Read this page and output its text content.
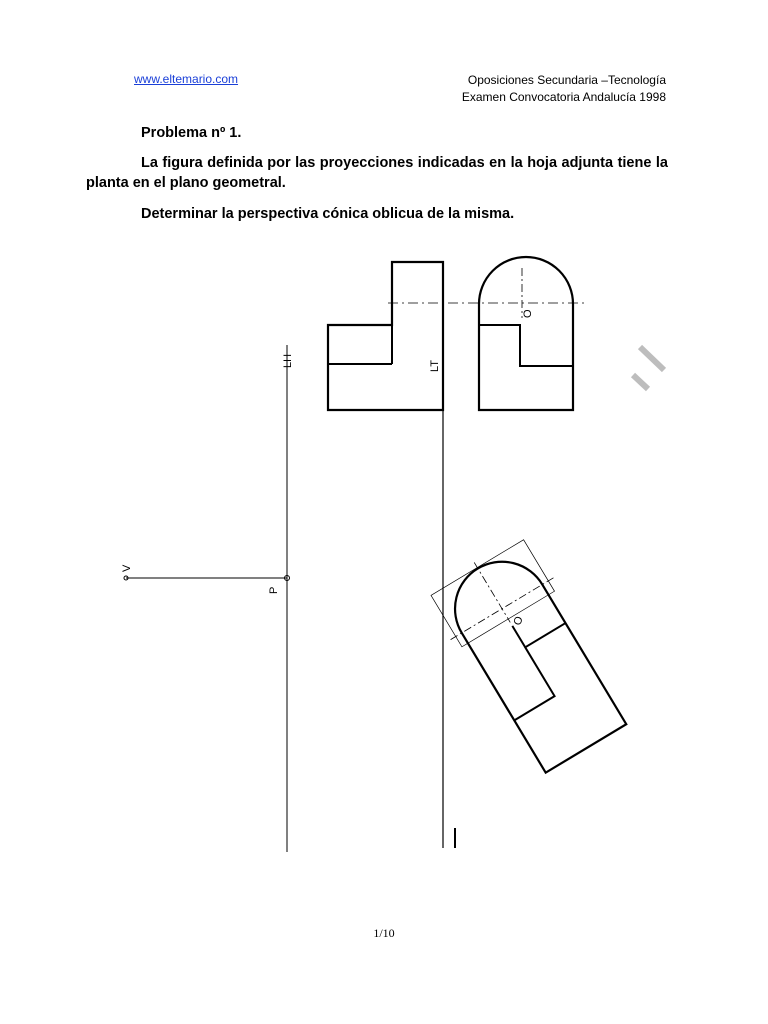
www.eltemario.com	Oposiciones Secundaria –Tecnología
Examen Convocatoria Andalucía 1998
Problema nº 1.
La figura definida por las proyecciones indicadas en la hoja adjunta tiene la planta en el plano geometral.
Determinar la perspectiva cónica oblicua de la misma.
LH	LT
V
P
O
O
1/10
